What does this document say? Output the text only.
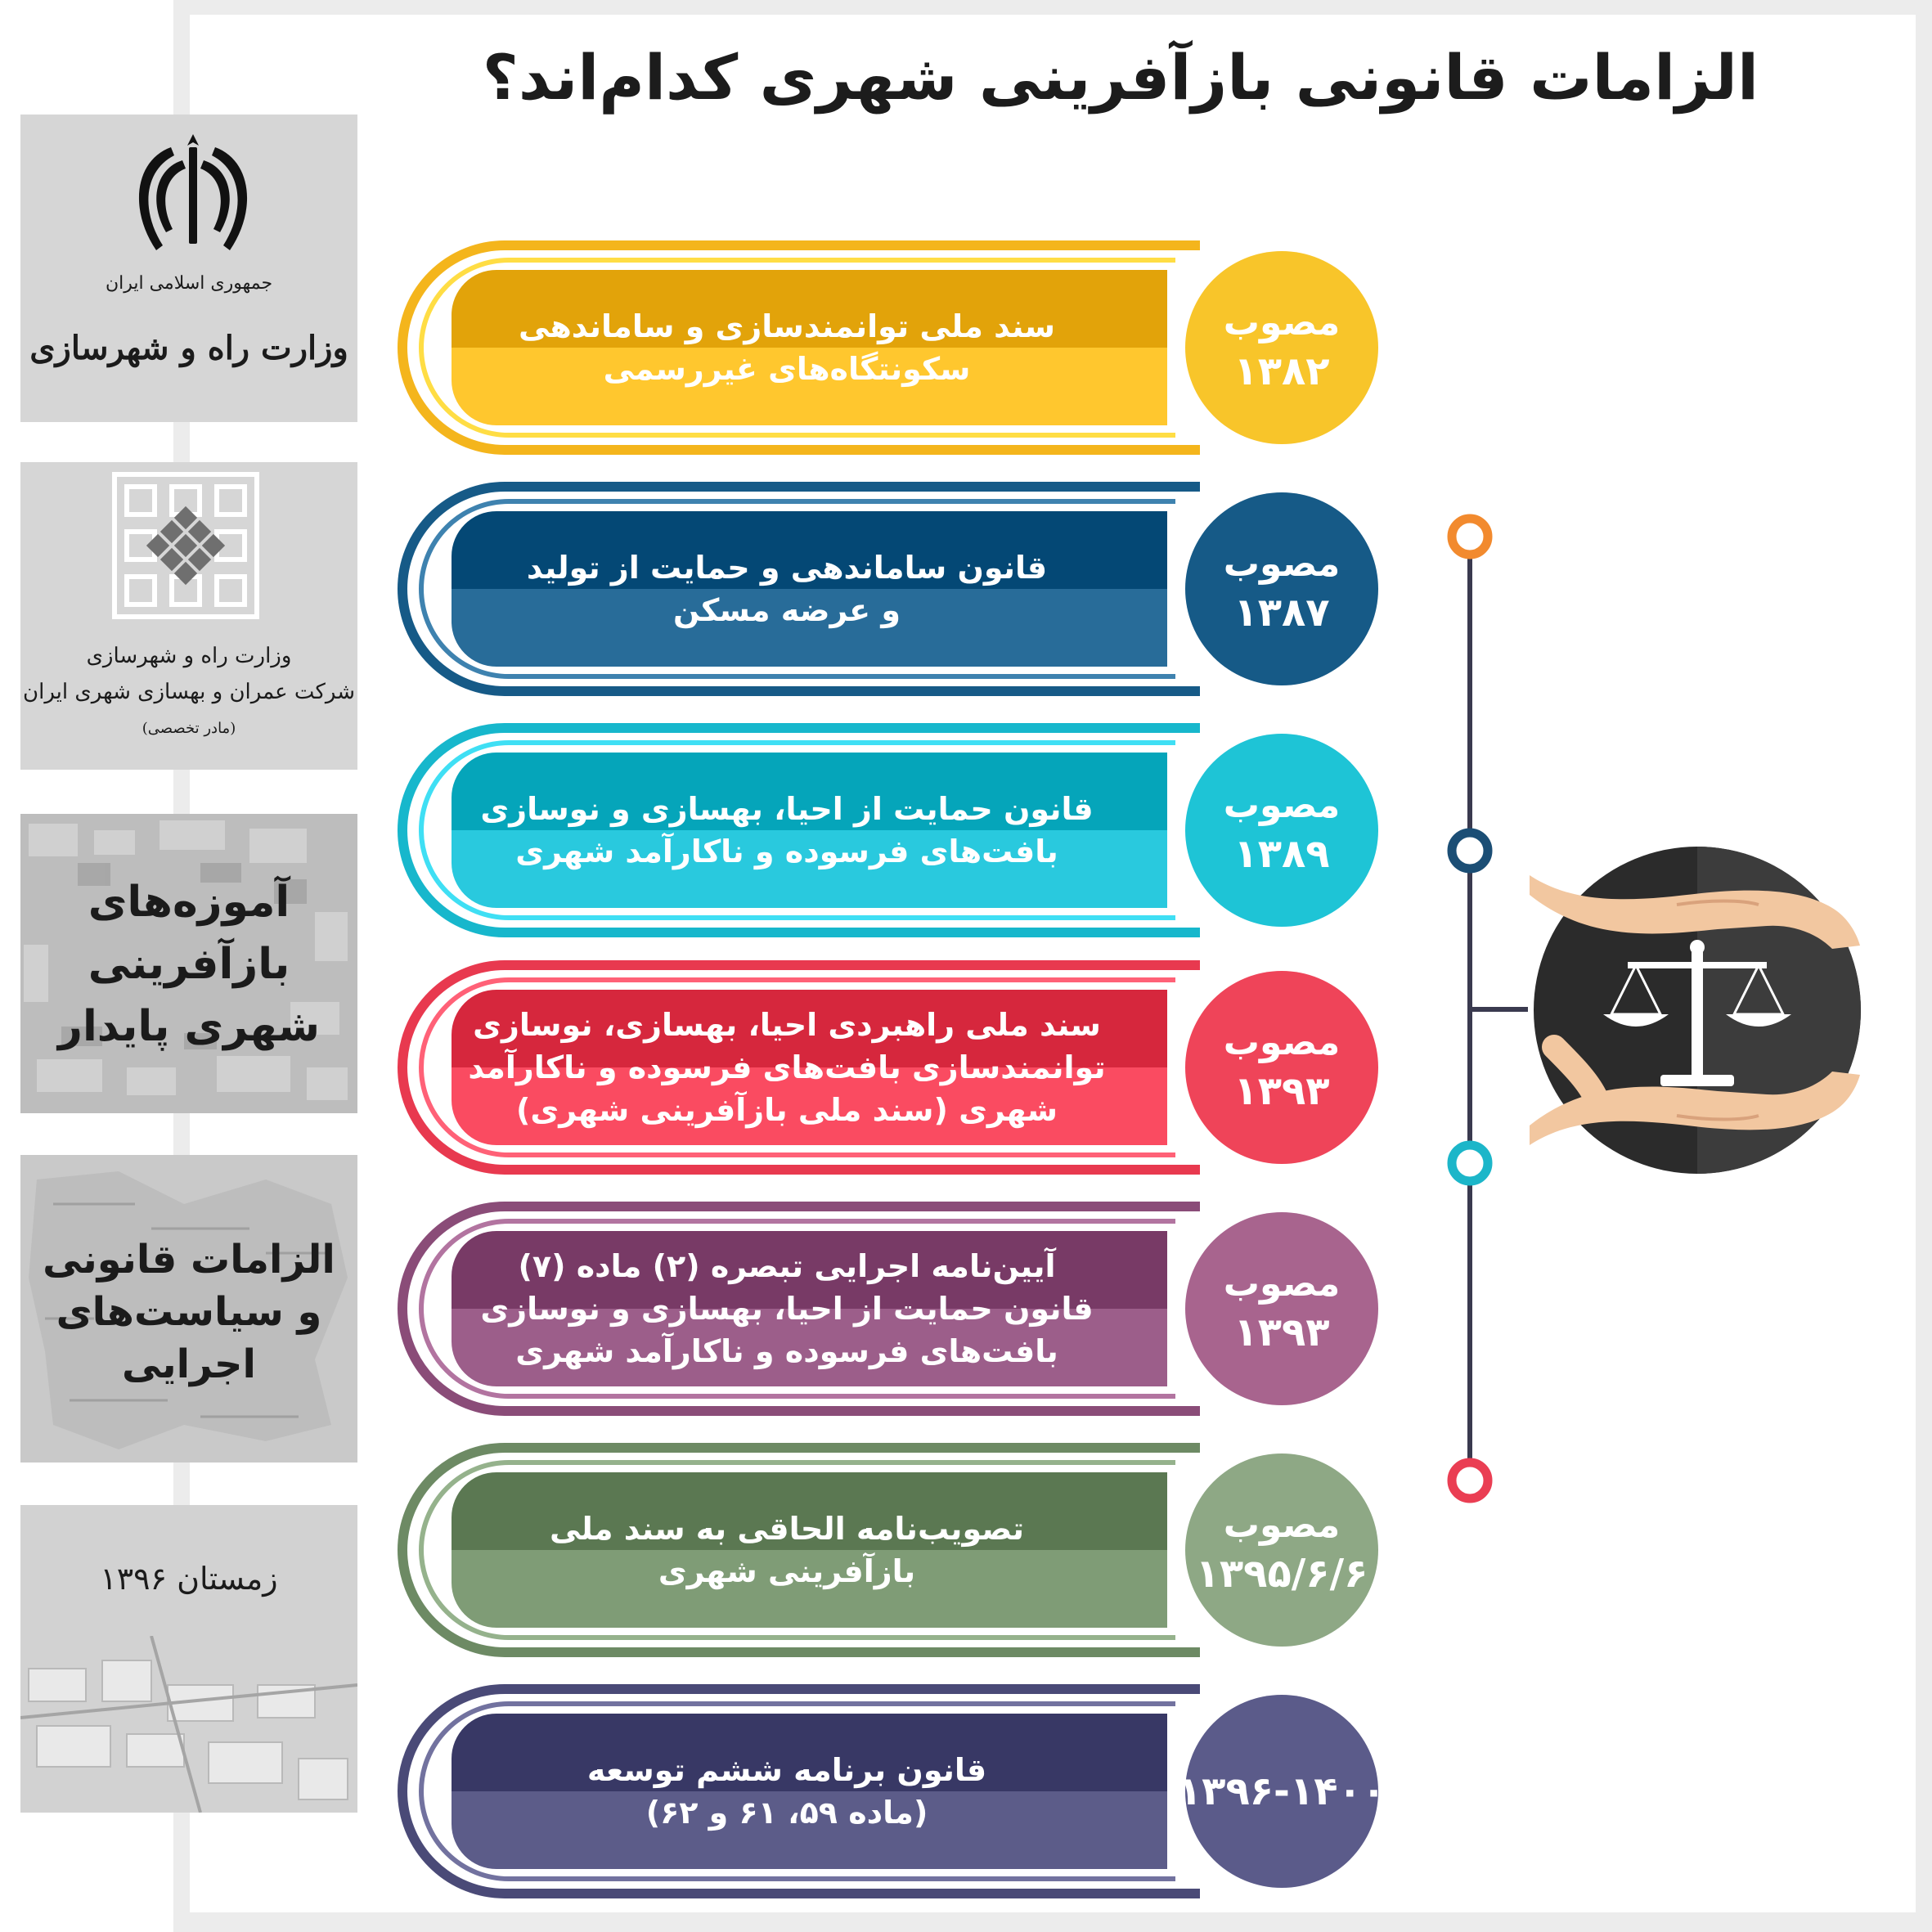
الزامات قانونی بازآفرینی شهری کدام‌اند؟
جمهوری اسلامی ایران
وزارت راه و شهرسازی
وزارت راه و شهرسازی
شرکت عمران و بهسازی شهری ایران
(مادر تخصصی)
آموزه‌های
بازآفرینی
شهری پایدار
الزامات قانونی
و سیاست‌های
اجرایی
زمستان ۱۳۹۶
سند ملی توانمندسازی و ساماندهی
سکونتگاه‌های غیررسمی
مصوب
۱۳۸۲
قانون ساماندهی و حمایت از تولید
و عرضه مسکن
مصوب
۱۳۸۷
قانون حمایت از احیا، بهسازی و نوسازی
بافت‌های فرسوده و ناکارآمد شهری
مصوب
۱۳۸۹
سند ملی راهبردی احیا، بهسازی، نوسازی
توانمندسازی بافت‌های فرسوده و ناکارآمد
شهری (سند ملی بازآفرینی شهری)
مصوب
۱۳۹۳
آیین‌نامه اجرایی تبصره (۲) ماده (۷)
قانون حمایت از احیا، بهسازی و نوسازی
بافت‌های فرسوده و ناکارآمد شهری
مصوب
۱۳۹۳
تصویب‌نامه الحاقی به سند ملی
بازآفرینی شهری
مصوب
۱۳۹۵/۶/۶
قانون برنامه ششم توسعه
(ماده ۵۹، ۶۱ و ۶۲)	۱۳۹۶-۱۴۰۰
